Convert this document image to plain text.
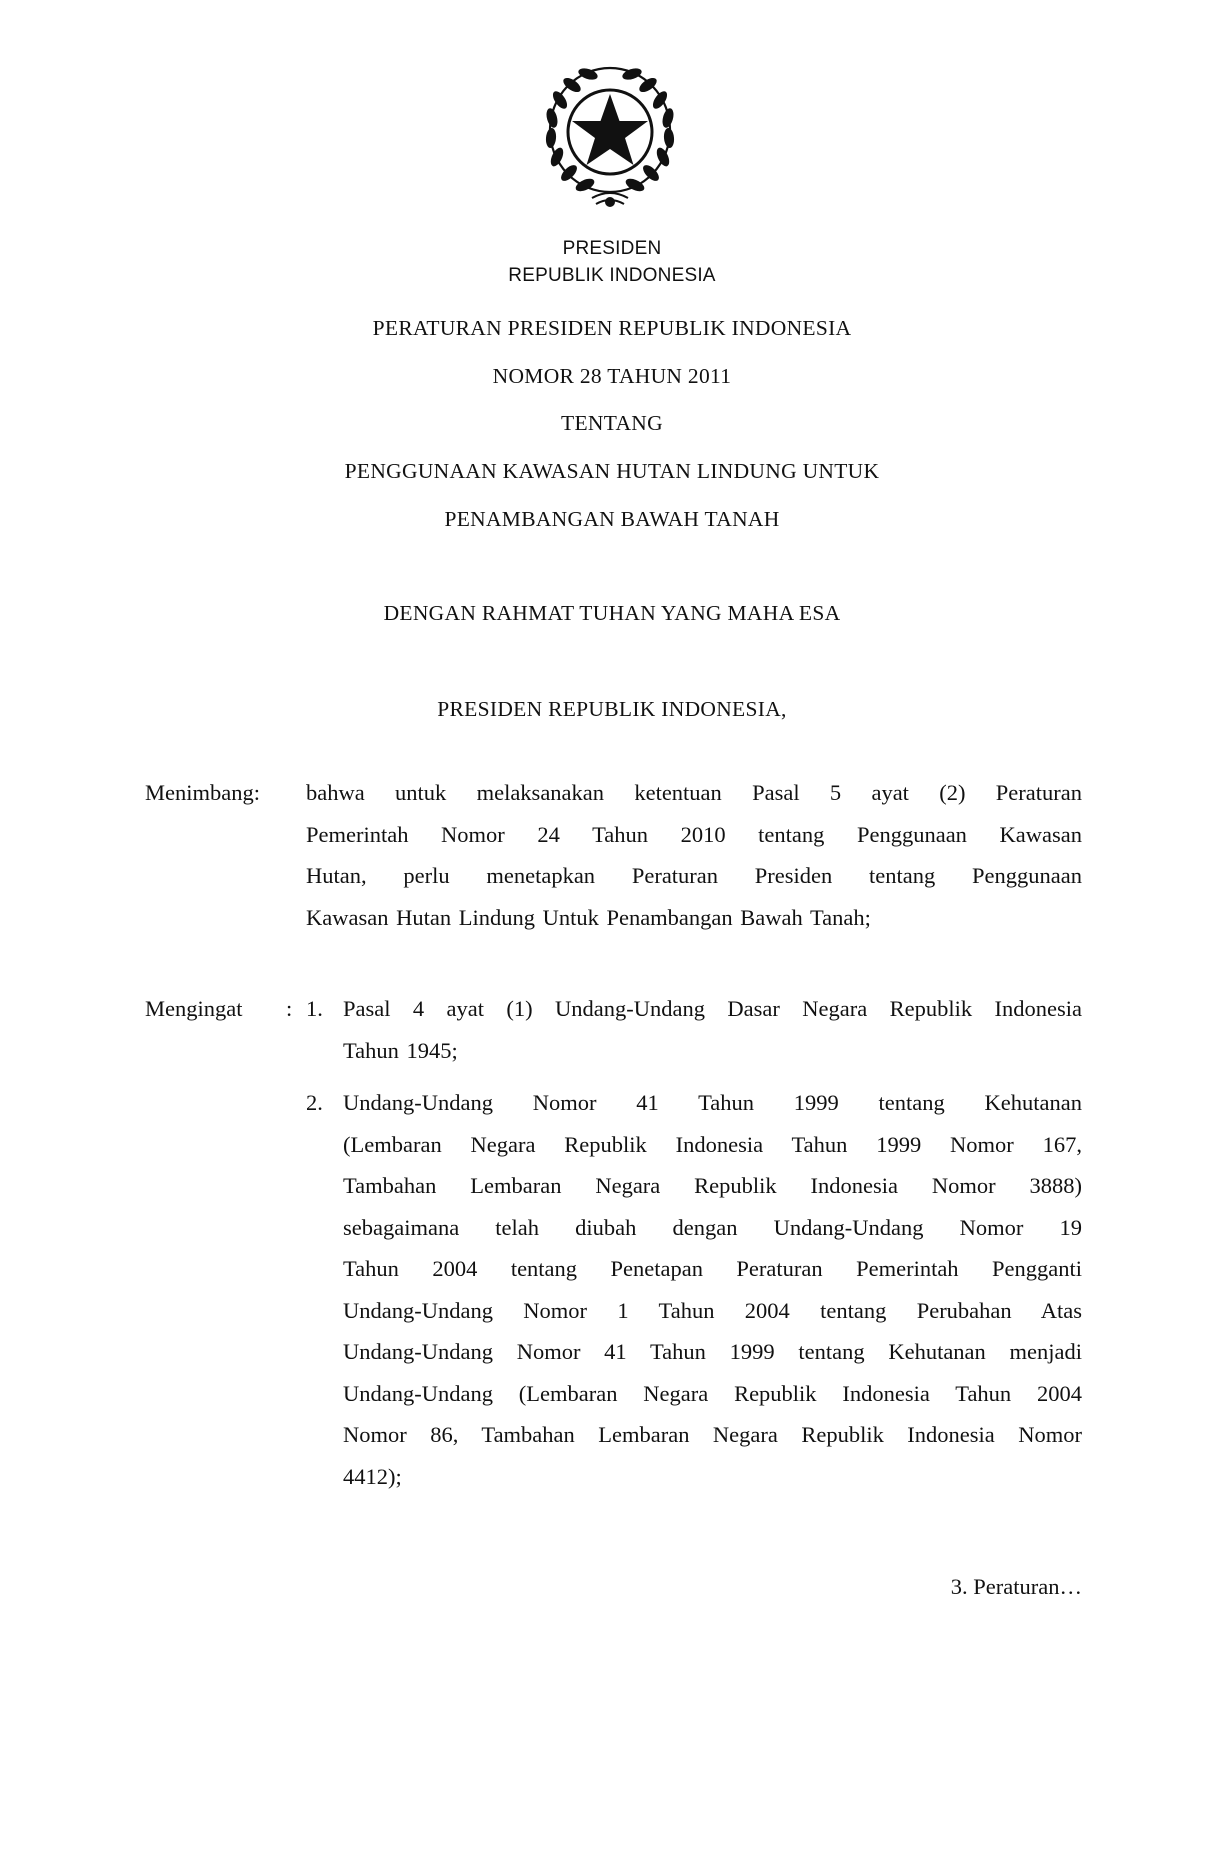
PRESIDEN
REPUBLIK INDONESIA
PERATURAN PRESIDEN REPUBLIK INDONESIA
NOMOR 28 TAHUN 2011
TENTANG
PENGGUNAAN KAWASAN HUTAN LINDUNG UNTUK
PENAMBANGAN BAWAH TANAH
DENGAN RAHMAT TUHAN YANG MAHA ESA
PRESIDEN REPUBLIK INDONESIA,
Menimbang: bahwa untuk melaksanakan ketentuan Pasal 5 ayat (2) Peraturan
Pemerintah Nomor 24 Tahun 2010 tentang Penggunaan Kawasan
Hutan, perlu menetapkan Peraturan Presiden tentang Penggunaan
Kawasan Hutan Lindung Untuk Penambangan Bawah Tanah;
Mengingat : 1. Pasal 4 ayat (1) Undang-Undang Dasar Negara Republik Indonesia
Tahun 1945;
2. Undang-Undang Nomor 41 Tahun 1999 tentang Kehutanan
(Lembaran Negara Republik Indonesia Tahun 1999 Nomor 167,
Tambahan Lembaran Negara Republik Indonesia Nomor 3888)
sebagaimana telah diubah dengan Undang-Undang Nomor 19
Tahun 2004 tentang Penetapan Peraturan Pemerintah Pengganti
Undang-Undang Nomor 1 Tahun 2004 tentang Perubahan Atas
Undang-Undang Nomor 41 Tahun 1999 tentang Kehutanan menjadi
Undang-Undang (Lembaran Negara Republik Indonesia Tahun 2004
Nomor 86, Tambahan Lembaran Negara Republik Indonesia Nomor
4412);
3. Peraturan…
